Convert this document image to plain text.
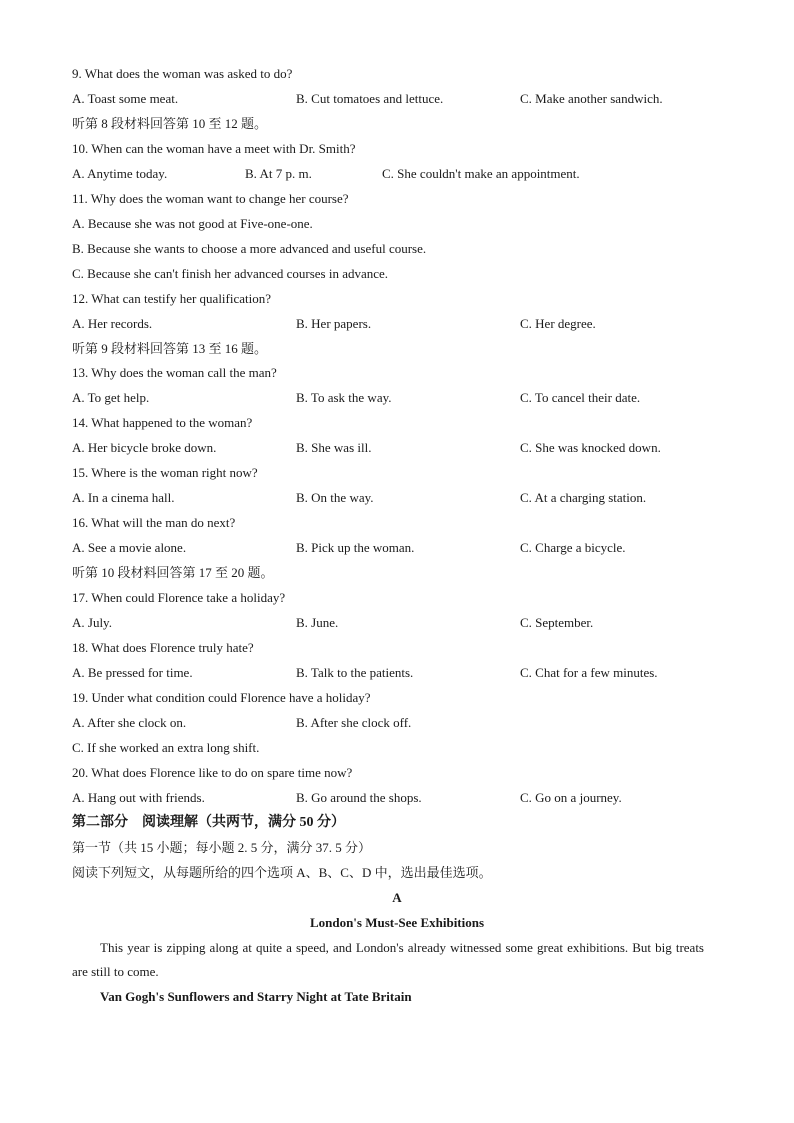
9. What does the woman was asked to do?
A. Toast some meat.	B. Cut tomatoes and lettuce.	C. Make another sandwich.
听第 8 段材料回答第 10 至 12 题。
10. When can the woman have a meet with Dr. Smith?
A. Anytime today.	B. At 7 p. m.	C. She couldn't make an appointment.
11. Why does the woman want to change her course?
A. Because she was not good at Five-one-one.
B. Because she wants to choose a more advanced and useful course.
C. Because she can't finish her advanced courses in advance.
12. What can testify her qualification?
A. Her records.	B. Her papers.	C. Her degree.
听第 9 段材料回答第 13 至 16 题。
13. Why does the woman call the man?
A. To get help.	B. To ask the way.	C. To cancel their date.
14. What happened to the woman?
A. Her bicycle broke down.	B. She was ill.	C. She was knocked down.
15. Where is the woman right now?
A. In a cinema hall.	B. On the way.	C. At a charging station.
16. What will the man do next?
A. See a movie alone.	B. Pick up the woman.	C. Charge a bicycle.
听第 10 段材料回答第 17 至 20 题。
17. When could Florence take a holiday?
A. July.	B. June.	C. September.
18. What does Florence truly hate?
A. Be pressed for time.	B. Talk to the patients.	C. Chat for a few minutes.
19. Under what condition could Florence have a holiday?
A. After she clock on.	B. After she clock off.
C. If she worked an extra long shift.
20. What does Florence like to do on spare time now?
A. Hang out with friends.	B. Go around the shops.	C. Go on a journey.
第二部分　阅读理解（共两节，满分 50 分）
第一节（共 15 小题；每小题 2. 5 分，满分 37. 5 分）
阅读下列短文，从每题所给的四个选项 A、B、C、D 中，选出最佳选项。
A
London's Must-See Exhibitions
This year is zipping along at quite a speed, and London's already witnessed some great exhibitions. But big treats are still to come.
Van Gogh's Sunflowers and Starry Night at Tate Britain
